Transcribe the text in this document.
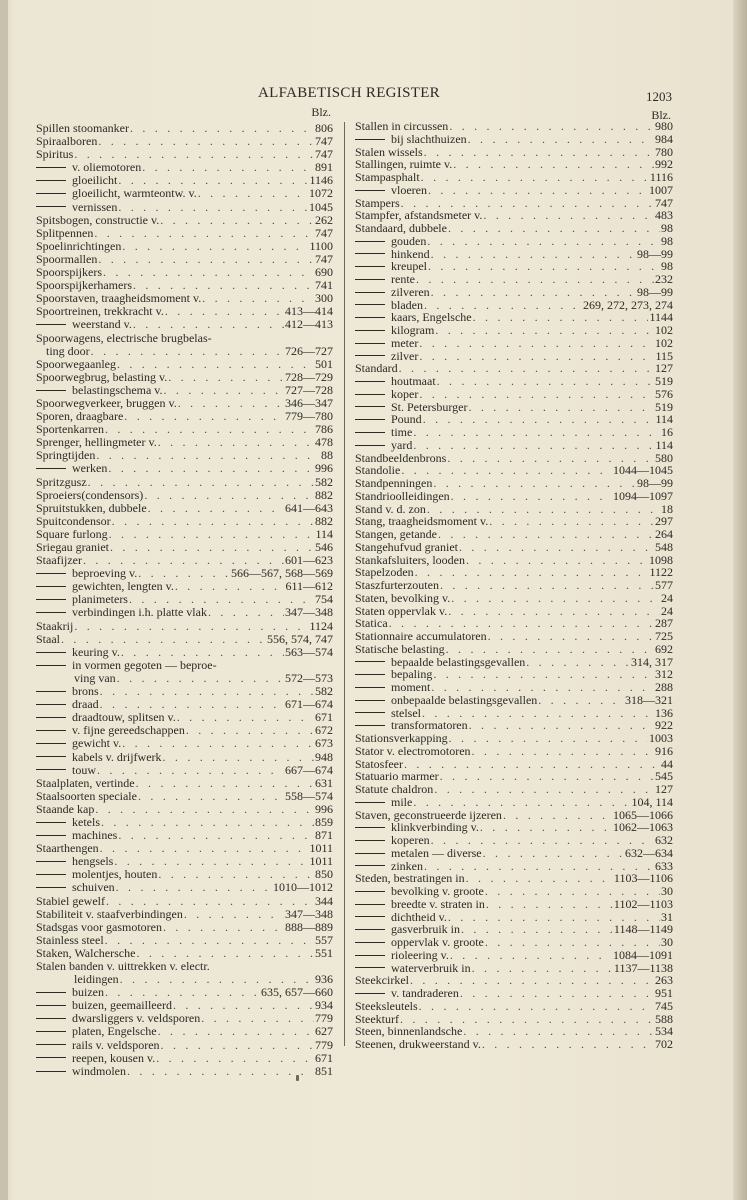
ALFABETISCH REGISTER	1203
Blz.
Spillen stoomanker . . .	806
Spiraalboren . . .	747
Spiritus . . .	747
v. oliemotoren . . .	891
gloeilicht . . .	1146
gloeilicht, warmteontw. v. . . .	1072
vernissen . . .	1045
Spitsbogen, constructie v. . . .	262
Splitpennen . . .	747
Spoelinrichtingen . . .	1100
Spoormallen . . .	747
Spoorspijkers . . .	690
Spoorspijkerhamers . . .	741
Spoorstaven, traagheidsmoment v. . . .	300
Spoortreinen, trekkracht v. . . .	413—414
weerstand v. . . .	412—413
Spoorwagens, electrische brugbelas-
ting door . . .	726—727
Spoorwegaanleg . . .	501
Spoorwegbrug, belasting v. . . .	728—729
belastingschema v. . . .	727—728
Spoorwegverkeer, bruggen v. . . .	346—347
Sporen, draagbare . . .	779—780
Sportenkarren . . .	786
Sprenger, hellingmeter v. . . .	478
Springtijden . . .	88
werken . . .	996
Spritzgusz . . .	582
Sproeiers(condensors) . . .	882
Spruitstukken, dubbele . . .	641—643
Spuitcondensor . . .	882
Square furlong . . .	114
Sriegau graniet . . .	546
Staafijzer . . .	601—623
beproeving v. . . .	566—567, 568—569
gewichten, lengten v. . . .	611—612
planimeters . . .	754
verbindingen i.h. platte vlak . . .	347—348
Staakrij . . .	1124
Staal . . .	556, 574, 747
keuring v. . . .	563—574
in vormen gegoten — beproe-
ving van . . .	572—573
brons . . .	582
draad . . .	671—674
draadtouw, splitsen v. . . .	671
v. fijne gereedschappen . . .	672
gewicht v. . . .	673
kabels v. drijfwerk . . .	948
touw . . .	667—674
Staalplaten, vertinde . . .	631
Staalsoorten speciale . . .	558—574
Staande kap . . .	996
ketels . . .	859
machines . . .	871
Staarthengen . . .	1011
hengsels . . .	1011
molentjes, houten . . .	850
schuiven . . .	1010—1012
Stabiel gewelf . . .	344
Stabiliteit v. staafverbindingen . . .	347—348
Stadsgas voor gasmotoren . . .	888—889
Stainless steel . . .	557
Staken, Walchersche . . .	551
Stalen banden v. uittrekken v. electr.
leidingen . . .	936
buizen . . .	635, 657—660
buizen, geemailleerd . . .	934
dwarsliggers v. veldsporen . . .	779
platen, Engelsche . . .	627
rails v. veldsporen . . .	779
reepen, kousen v. . . .	671
windmolen . . .	851
Blz.
Stallen in circussen . . .	980
bij slachthuizen . . .	984
Stalen wissels . . .	780
Stallingen, ruimte v. . . .	992
Stampasphalt . . .	1116
vloeren . . .	1007
Stampers . . .	747
Stampfer, afstandsmeter v. . . .	483
Standaard, dubbele . . .	98
gouden . . .	98
hinkend . . .	98—99
kreupel . . .	98
rente . . .	232
zilveren . . .	98—99
bladen . . .	269, 272, 273, 274
kaars, Engelsche . . .	1144
kilogram . . .	102
meter . . .	102
zilver . . .	115
Standard . . .	127
houtmaat . . .	519
koper . . .	576
St. Petersburger . . .	519
Pound . . .	114
time . . .	16
yard . . .	114
Standbeeldenbrons . . .	580
Standolie . . .	1044—1045
Standpenningen . . .	98—99
Standrioolleidingen . . .	1094—1097
Stand v. d. zon . . .	18
Stang, traagheidsmoment v. . . .	297
Stangen, getande . . .	264
Stangehufvud graniet . . .	548
Stankafsluiters, looden . . .	1098
Stapelzoden . . .	1122
Staszfurterzouten . . .	577
Staten, bevolking v. . . .	24
Staten oppervlak v. . . .	24
Statica . . .	287
Stationnaire accumulatoren . . .	725
Statische belasting . . .	692
bepaalde belastingsgevallen . . .	314, 317
bepaling . . .	312
moment . . .	288
onbepaalde belastingsgevallen . . .	318—321
stelsel . . .	136
transformatoren . . .	922
Stationsverkapping . . .	1003
Stator v. electromotoren . . .	916
Statosfeer . . .	44
Statuario marmer . . .	545
Statute chaldron . . .	127
mile . . .	104, 114
Staven, geconstrueerde ijzeren . . .	1065—1066
klinkverbinding v. . . .	1062—1063
koperen . . .	632
metalen — diverse . . .	632—634
zinken . . .	633
Steden, bestratingen in . . .	1103—1106
bevolking v. groote . . .	30
breedte v. straten in . . .	1102—1103
dichtheid v. . . .	31
gasverbruik in . . .	1148—1149
oppervlak v. groote . . .	30
rioleering v. . . .	1084—1091
waterverbruik in . . .	1137—1138
Steekcirkel . . .	263
v. tandraderen . . .	951
Steeksleutels . . .	745
Steekturf . . .	588
Steen, binnenlandsche . . .	534
Steenen, drukweerstand v. . . .	702
